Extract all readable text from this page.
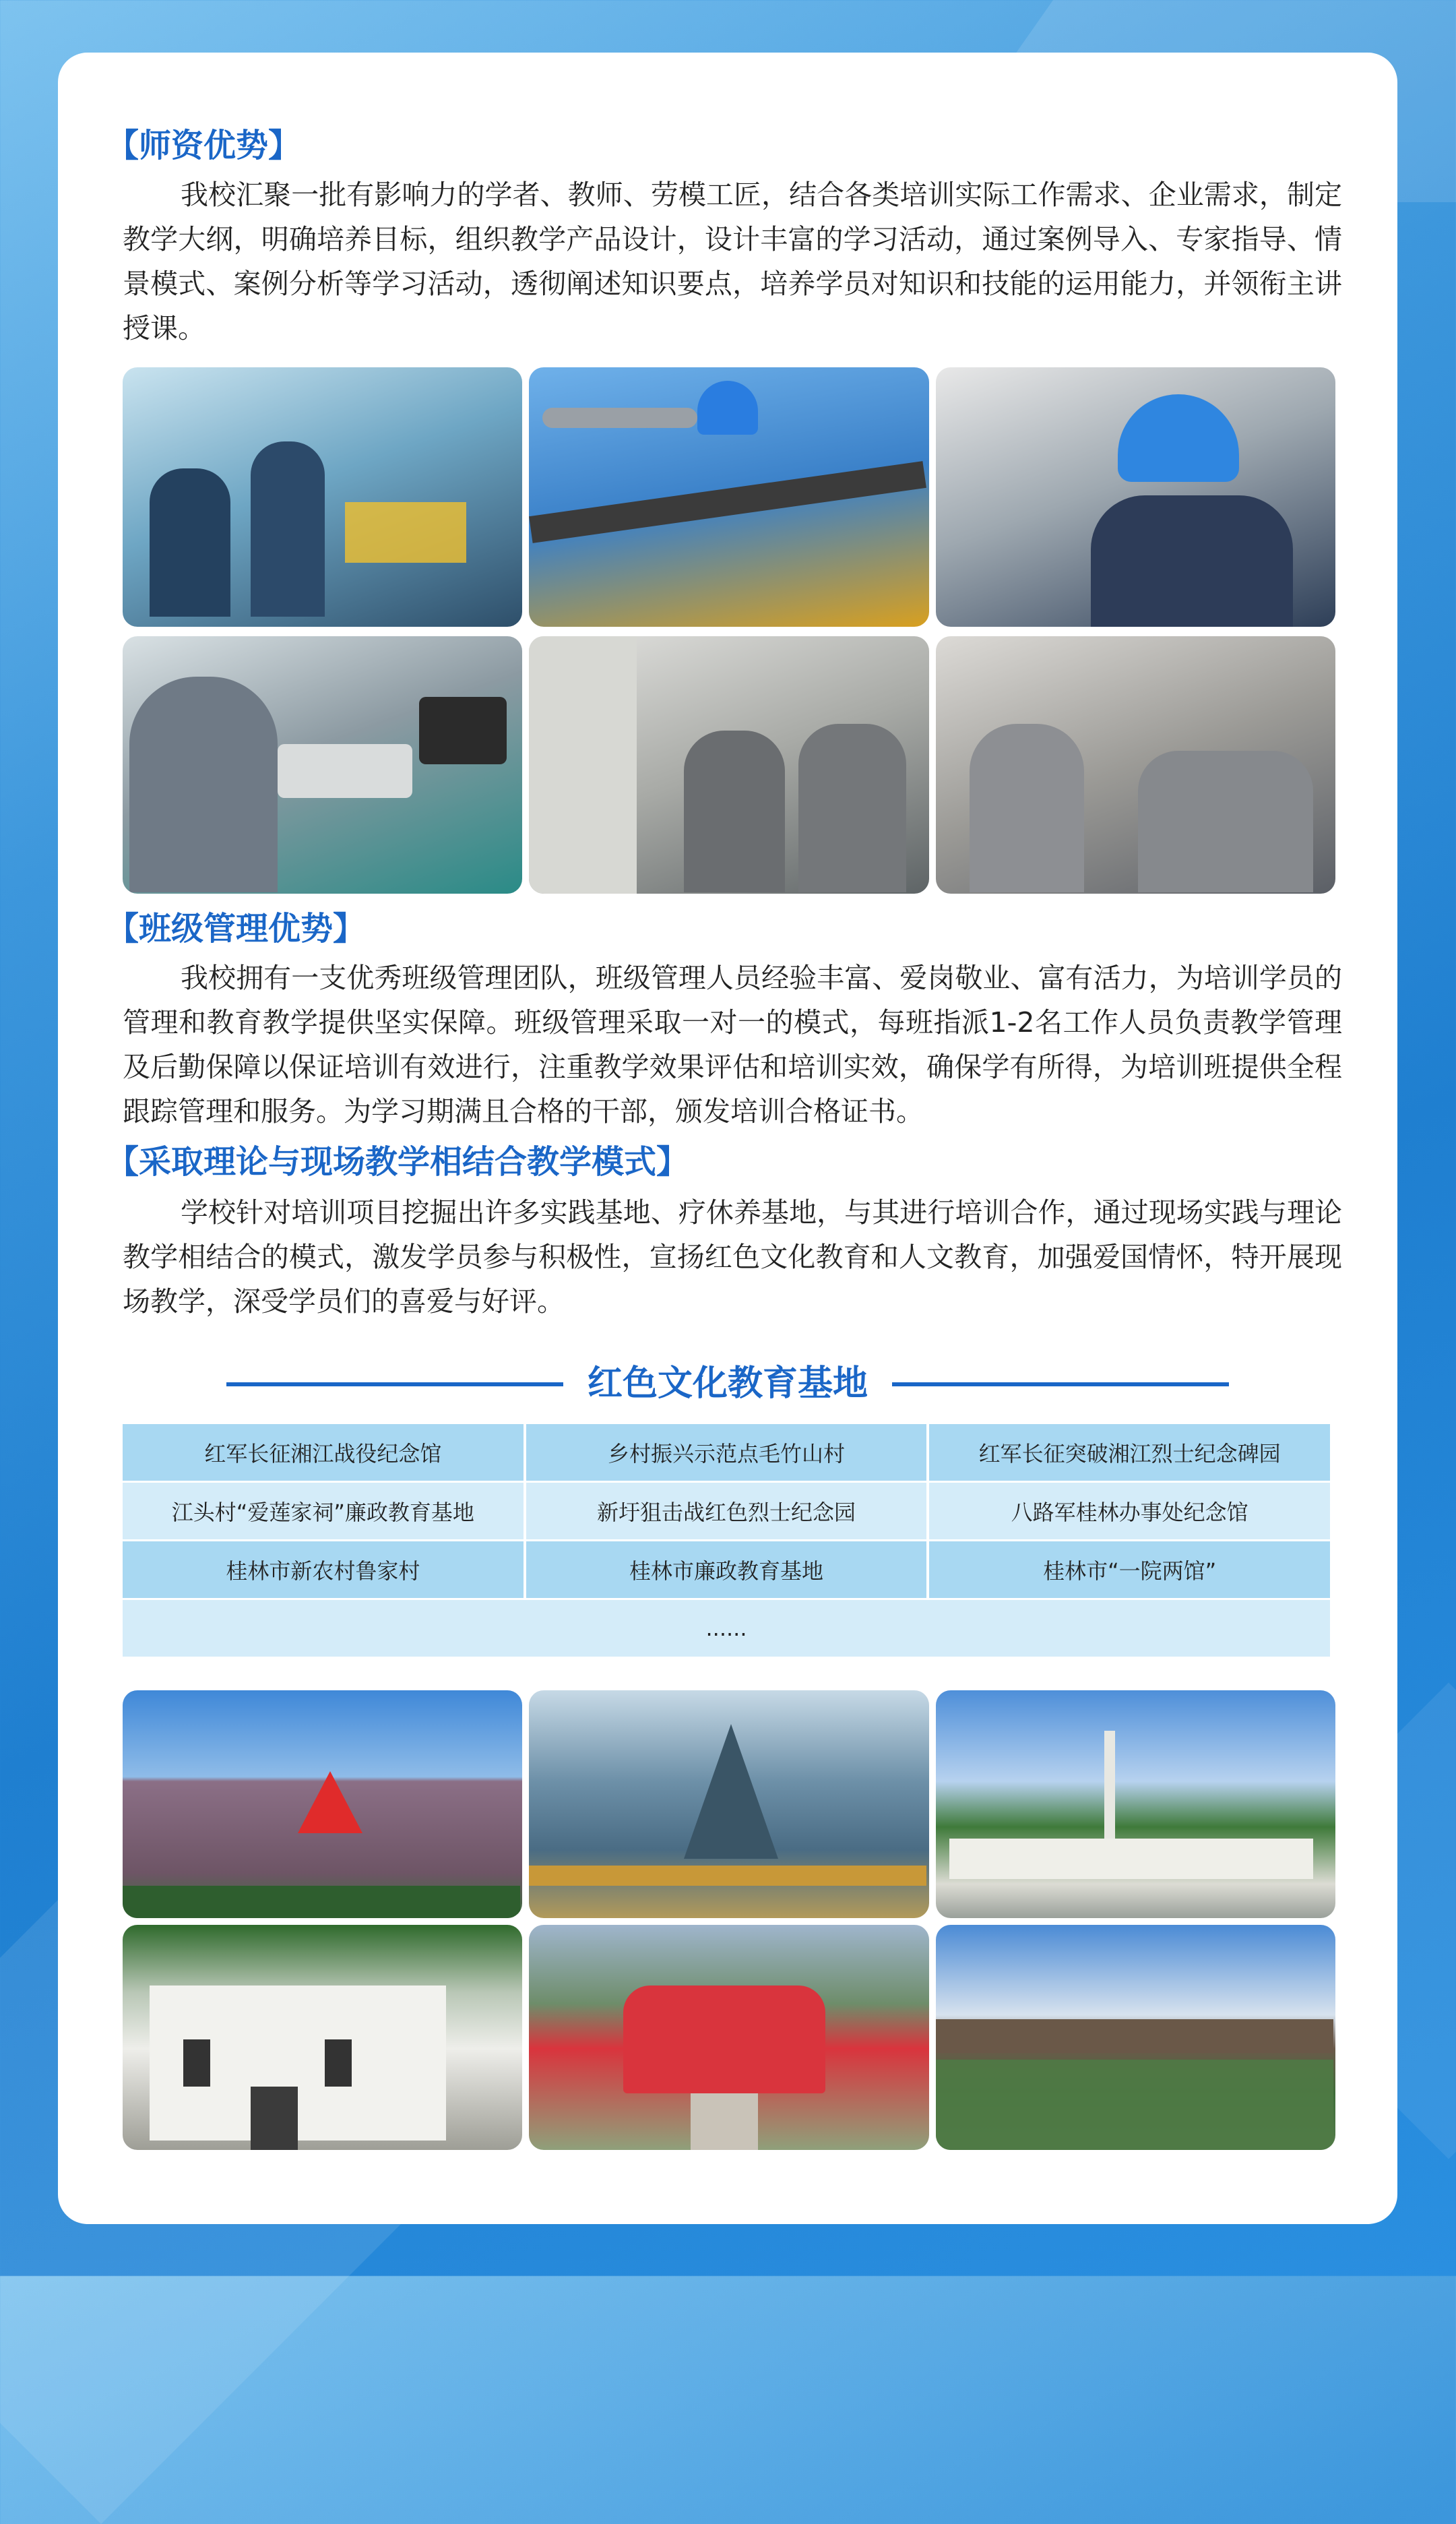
【师资优势】

我校汇聚一批有影响力的学者、教师、劳模工匠，结合各类培训实际工作需求、企业需求，制定教学大纲，明确培养目标，组织教学产品设计，设计丰富的学习活动，通过案例导入、专家指导、情景模式、案例分析等学习活动，透彻阐述知识要点，培养学员对知识和技能的运用能力，并领衔主讲授课。

【班级管理优势】

我校拥有一支优秀班级管理团队，班级管理人员经验丰富、爱岗敬业、富有活力，为培训学员的管理和教育教学提供坚实保障。班级管理采取一对一的模式，每班指派1-2名工作人员负责教学管理及后勤保障以保证培训有效进行，注重教学效果评估和培训实效，确保学有所得，为培训班提供全程跟踪管理和服务。为学习期满且合格的干部，颁发培训合格证书。

【采取理论与现场教学相结合教学模式】

学校针对培训项目挖掘出许多实践基地、疗休养基地，与其进行培训合作，通过现场实践与理论教学相结合的模式，激发学员参与积极性，宣扬红色文化教育和人文教育，加强爱国情怀，特开展现场教学，深受学员们的喜爱与好评。

红色文化教育基地
红军长征湘江战役纪念馆	乡村振兴示范点毛竹山村	红军长征突破湘江烈士纪念碑园
江头村“爱莲家祠”廉政教育基地	新圩狙击战红色烈士纪念园	八路军桂林办事处纪念馆
桂林市新农村鲁家村	桂林市廉政教育基地	桂林市“一院两馆”
......		
